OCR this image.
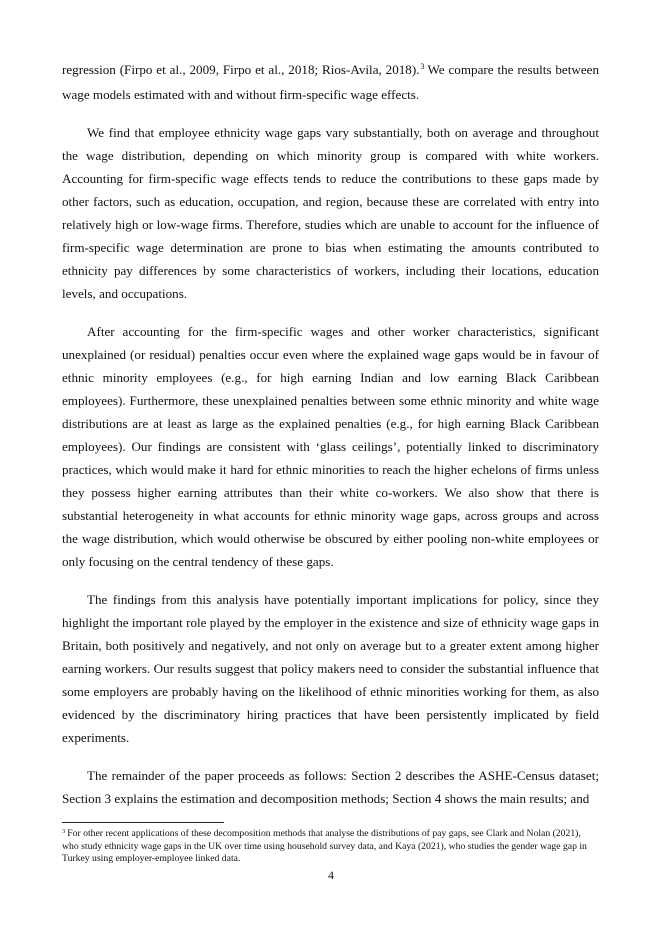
regression (Firpo et al., 2009, Firpo et al., 2018; Rios-Avila, 2018).$^3$ We compare the results between wage models estimated with and without firm-specific wage effects.

We find that employee ethnicity wage gaps vary substantially, both on average and throughout the wage distribution, depending on which minority group is compared with white workers. Accounting for firm-specific wage effects tends to reduce the contributions to these gaps made by other factors, such as education, occupation, and region, because these are correlated with entry into relatively high or low-wage firms. Therefore, studies which are unable to account for the influence of firm-specific wage determination are prone to bias when estimating the amounts contributed to ethnicity pay differences by some characteristics of workers, including their locations, education levels, and occupations.

After accounting for the firm-specific wages and other worker characteristics, significant unexplained (or residual) penalties occur even where the explained wage gaps would be in favour of ethnic minority employees (e.g., for high earning Indian and low earning Black Caribbean employees). Furthermore, these unexplained penalties between some ethnic minority and white wage distributions are at least as large as the explained penalties (e.g., for high earning Black Caribbean employees). Our findings are consistent with ‘glass ceilings’, potentially linked to discriminatory practices, which would make it hard for ethnic minorities to reach the higher echelons of firms unless they possess higher earning attributes than their white co-workers. We also show that there is substantial heterogeneity in what accounts for ethnic minority wage gaps, across groups and across the wage distribution, which would otherwise be obscured by either pooling non-white employees or only focusing on the central tendency of these gaps.

The findings from this analysis have potentially important implications for policy, since they highlight the important role played by the employer in the existence and size of ethnicity wage gaps in Britain, both positively and negatively, and not only on average but to a greater extent among higher earning workers. Our results suggest that policy makers need to consider the substantial influence that some employers are probably having on the likelihood of ethnic minorities working for them, as also evidenced by the discriminatory hiring practices that have been persistently implicated by field experiments.

The remainder of the paper proceeds as follows: Section 2 describes the ASHE-Census dataset; Section 3 explains the estimation and decomposition methods; Section 4 shows the main results; and

$^3$ For other recent applications of these decomposition methods that analyse the distributions of pay gaps, see Clark and Nolan (2021), who study ethnicity wage gaps in the UK over time using household survey data, and Kaya (2021), who studies the gender wage gap in Turkey using employer-employee linked data.
4
